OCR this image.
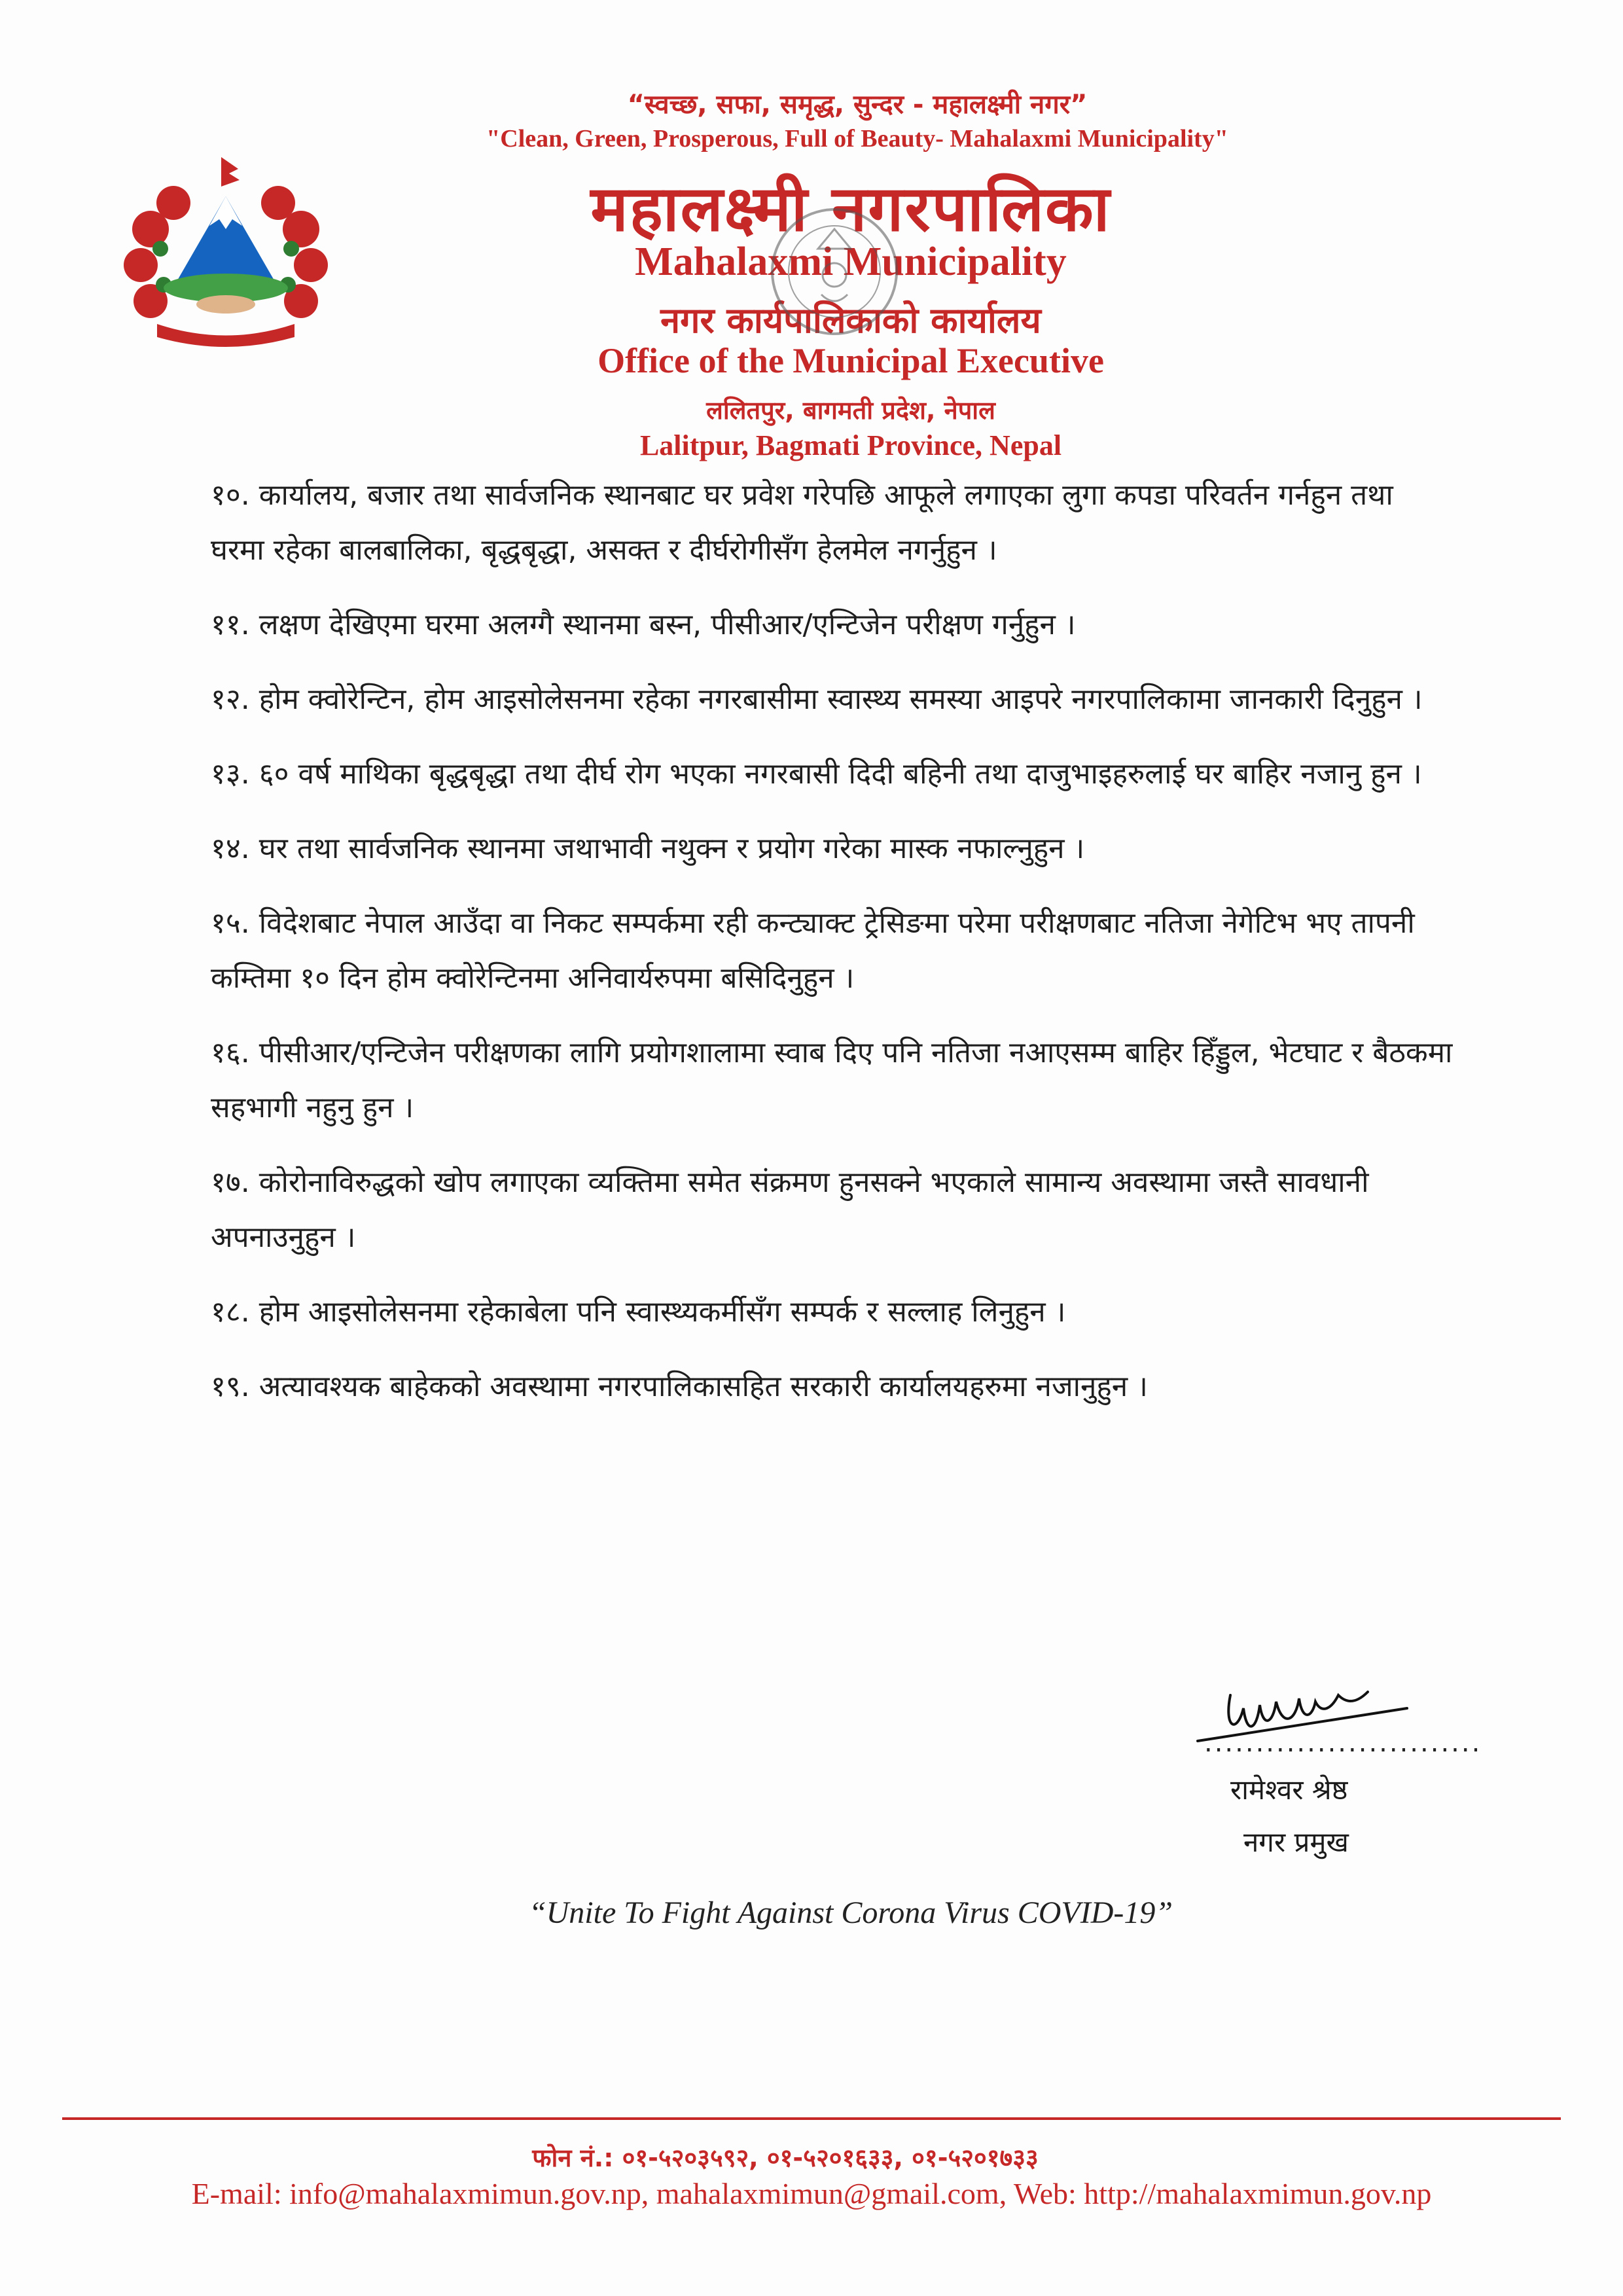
“स्वच्छ, सफा, समृद्ध, सुन्दर - महालक्ष्मी नगर”
"Clean, Green, Prosperous, Full of Beauty- Mahalaxmi Municipality"
महालक्ष्मी नगरपालिका
Mahalaxmi Municipality
नगर कार्यपालिकाको कार्यालय
Office of the Municipal Executive
ललितपुर, बागमती प्रदेश, नेपाल
Lalitpur, Bagmati Province, Nepal

१०. कार्यालय, बजार तथा सार्वजनिक स्थानबाट घर प्रवेश गरेपछि आफूले लगाएका लुगा कपडा परिवर्तन गर्नहुन तथा घरमा रहेका बालबालिका, बृद्धबृद्धा, असक्त र दीर्घरोगीसँग हेलमेल नगर्नुहुन ।

११. लक्षण देखिएमा घरमा अलग्गै स्थानमा बस्न, पीसीआर/एन्टिजेन परीक्षण गर्नुहुन ।

१२. होम क्वोरेन्टिन, होम आइसोलेसनमा रहेका नगरबासीमा स्वास्थ्य समस्या आइपरे नगरपालिकामा जानकारी दिनुहुन ।

१३. ६० वर्ष माथिका बृद्धबृद्धा तथा दीर्घ रोग भएका नगरबासी दिदी बहिनी तथा दाजुभाइहरुलाई घर बाहिर नजानु हुन ।

१४. घर तथा सार्वजनिक स्थानमा जथाभावी नथुक्न र प्रयोग गरेका मास्क नफाल्नुहुन ।

१५. विदेशबाट नेपाल आउँदा वा निकट सम्पर्कमा रही कन्ट्याक्ट ट्रेसिङमा परेमा परीक्षणबाट नतिजा नेगेटिभ भए तापनी कम्तिमा १० दिन होम क्वोरेन्टिनमा अनिवार्यरुपमा बसिदिनुहुन ।

१६. पीसीआर/एन्टिजेन परीक्षणका लागि प्रयोगशालामा स्वाब दिए पनि नतिजा नआएसम्म बाहिर हिँड्डुल, भेटघाट र बैठकमा सहभागी नहुनु हुन ।

१७. कोरोनाविरुद्धको खोप लगाएका व्यक्तिमा समेत संक्रमण हुनसक्ने भएकाले सामान्य अवस्थामा जस्तै सावधानी अपनाउनुहुन ।

१८. होम आइसोलेसनमा रहेकाबेला पनि स्वास्थ्यकर्मीसँग सम्पर्क र सल्लाह लिनुहुन ।

१९. अत्यावश्यक बाहेकको अवस्थामा नगरपालिकासहित सरकारी कार्यालयहरुमा नजानुहुन ।

...........................
रामेश्वर श्रेष्ठ
नगर प्रमुख
“Unite To Fight Against Corona Virus COVID-19”
फोन नं.: ०१-५२०३५९२, ०१-५२०१६३३, ०१-५२०१७३३
E-mail: info@mahalaxmimun.gov.np, mahalaxmimun@gmail.com, Web: http://mahalaxmimun.gov.np
